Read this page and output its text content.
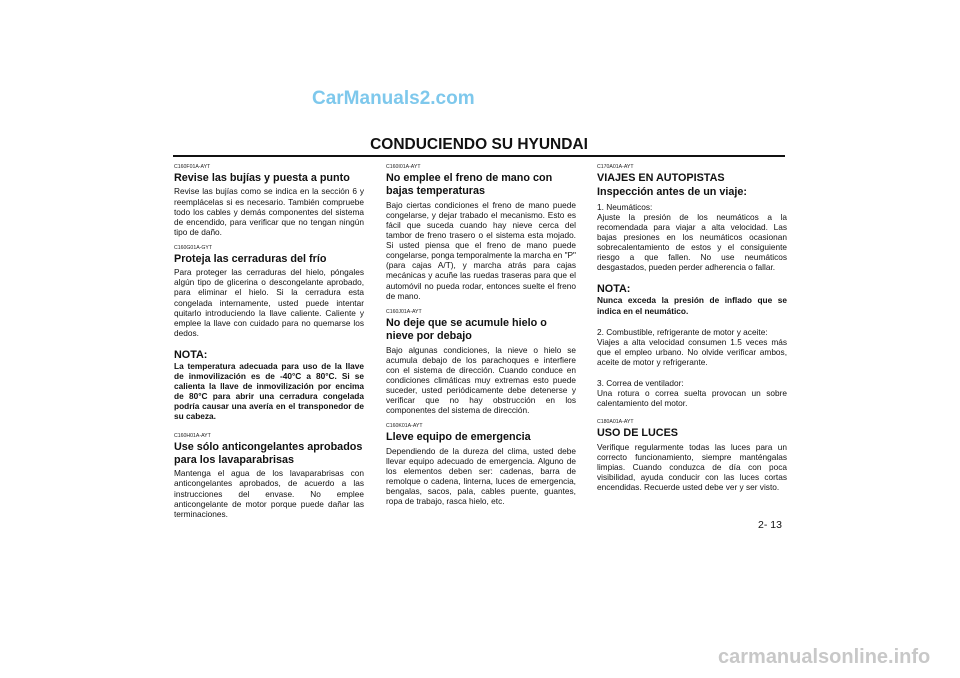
CarManuals2.com
CONDUCIENDO SU HYUNDAI
C160F01A-AYT
Revise las bujías y puesta a punto
Revise las bujías como se indica en la sección 6 y reemplácelas si es necesario. También compruebe todo los cables y demás componentes del sistema de encendido, para verificar que no tengan ningún tipo de daño.
C160G01A-GYT
Proteja las cerraduras del frío
Para proteger las cerraduras del hielo, póngales algún tipo de glicerina o descongelante aprobado, para eliminar el hielo. Si la cerradura esta congelada internamente, usted puede intentar quitarlo introduciendo la llave caliente. Caliente y emplee la llave con cuidado para no quemarse los dedos.
NOTA:
La temperatura adecuada para uso de la llave de inmovilización es de -40°C a 80°C. Si se calienta la llave de inmovilización por encima de 80°C para abrir una cerradura congelada podría causar una avería en el transponedor de su cabeza.
C160H01A-AYT
Use sólo anticongelantes aprobados para los lavaparabrisas
Mantenga el agua de los lavaparabrisas con anticongelantes aprobados, de acuerdo a las instrucciones del envase. No emplee anticongelante de motor porque puede dañar las terminaciones.
C160I01A-AYT
No emplee el freno de mano con bajas temperaturas
Bajo ciertas condiciones el freno de mano puede congelarse, y dejar trabado el mecanismo. Esto es fácil que suceda cuando hay nieve cerca del tambor de freno trasero o el sistema esta mojado. Si usted piensa que el freno de mano puede congelarse, ponga temporalmente la marcha en "P" (para cajas A/T), y marcha atrás para cajas mecánicas y acuñe las ruedas traseras para que el automóvil no pueda rodar, entonces suelte el freno de mano.
C160J01A-AYT
No deje que se acumule hielo o nieve por debajo
Bajo algunas condiciones, la nieve o hielo se acumula debajo de los parachoques e interfiere con el sistema de dirección. Cuando conduce en condiciones climáticas muy extremas esto puede suceder, usted periódicamente debe detenerse y verificar que no hay obstrucción en los componentes del sistema de dirección.
C160K01A-AYT
Lleve equipo de emergencia
Dependiendo de la dureza del clima, usted debe llevar equipo adecuado de emergencia. Alguno de los elementos deben ser: cadenas, barra de remolque o cadena, linterna, luces de emergencia, bengalas, sacos, pala, cables puente, guantes, ropa de trabajo, rasca hielo, etc.
C170A01A-AYT
VIAJES EN AUTOPISTAS
Inspección antes de un viaje:
1. Neumáticos:
Ajuste la presión de los neumáticos a la recomendada para viajar a alta velocidad. Las bajas presiones en los neumáticos ocasionan sobrecalentamiento de estos y el consiguiente riesgo a que fallen. No use neumáticos desgastados, pueden perder adherencia o fallar.
NOTA:
Nunca exceda la presión de inflado que se indica en el neumático.
2. Combustible, refrigerante de motor y aceite:
Viajes a alta velocidad consumen 1.5 veces más que el empleo urbano. No olvide verificar ambos, aceite de motor y refrigerante.
3. Correa de ventilador:
Una rotura o correa suelta provocan un sobre calentamiento del motor.
C180A01A-AYT
USO DE LUCES
Verifique regularmente todas las luces para un correcto funcionamiento, siempre manténgalas limpias. Cuando conduzca de día con poca visibilidad, ayuda conducir con las luces cortas encendidas. Recuerde usted debe ver y ser visto.
2- 13
carmanualsonline.info
